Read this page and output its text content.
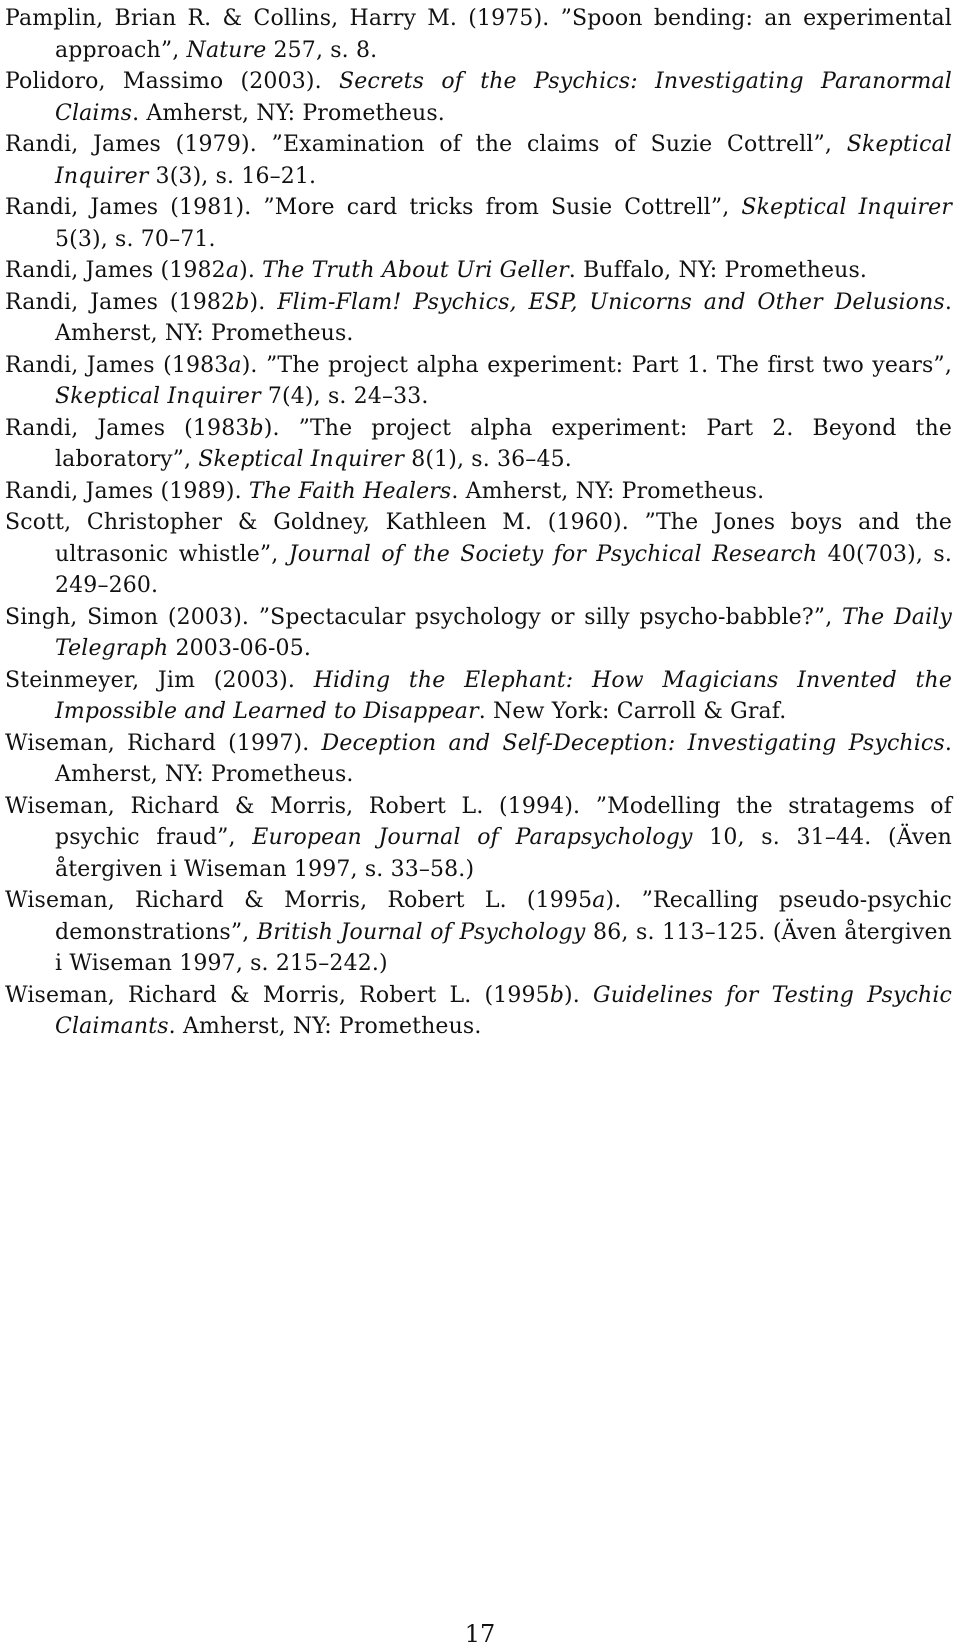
Pamplin, Brian R. & Collins, Harry M. (1975). ”Spoon bending: an experimental approach”, Nature 257, s. 8.

Polidoro, Massimo (2003). Secrets of the Psychics: Investigating Paranormal Claims. Amherst, NY: Prometheus.

Randi, James (1979). ”Examination of the claims of Suzie Cottrell”, Skeptical Inquirer 3(3), s. 16–21.

Randi, James (1981). ”More card tricks from Susie Cottrell”, Skeptical Inquirer 5(3), s. 70–71.

Randi, James (1982a). The Truth About Uri Geller. Buffalo, NY: Prometheus.

Randi, James (1982b). Flim-Flam! Psychics, ESP, Unicorns and Other Delusions. Amherst, NY: Prometheus.

Randi, James (1983a). ”The project alpha experiment: Part 1. The first two years”, Skeptical Inquirer 7(4), s. 24–33.

Randi, James (1983b). ”The project alpha experiment: Part 2. Beyond the laboratory”, Skeptical Inquirer 8(1), s. 36–45.

Randi, James (1989). The Faith Healers. Amherst, NY: Prometheus.

Scott, Christopher & Goldney, Kathleen M. (1960). ”The Jones boys and the ultrasonic whistle”, Journal of the Society for Psychical Research 40(703), s. 249–260.

Singh, Simon (2003). ”Spectacular psychology or silly psycho-babble?”, The Daily Telegraph 2003-06-05.

Steinmeyer, Jim (2003). Hiding the Elephant: How Magicians Invented the Impossible and Learned to Disappear. New York: Carroll & Graf.

Wiseman, Richard (1997). Deception and Self-Deception: Investigating Psychics. Amherst, NY: Prometheus.

Wiseman, Richard & Morris, Robert L. (1994). ”Modelling the stratagems of psychic fraud”, European Journal of Parapsychology 10, s. 31–44. (Även återgiven i Wiseman 1997, s. 33–58.)

Wiseman, Richard & Morris, Robert L. (1995a). ”Recalling pseudo-psychic demonstrations”, British Journal of Psychology 86, s. 113–125. (Även återgiven i Wiseman 1997, s. 215–242.)

Wiseman, Richard & Morris, Robert L. (1995b). Guidelines for Testing Psychic Claimants. Amherst, NY: Prometheus.

17
